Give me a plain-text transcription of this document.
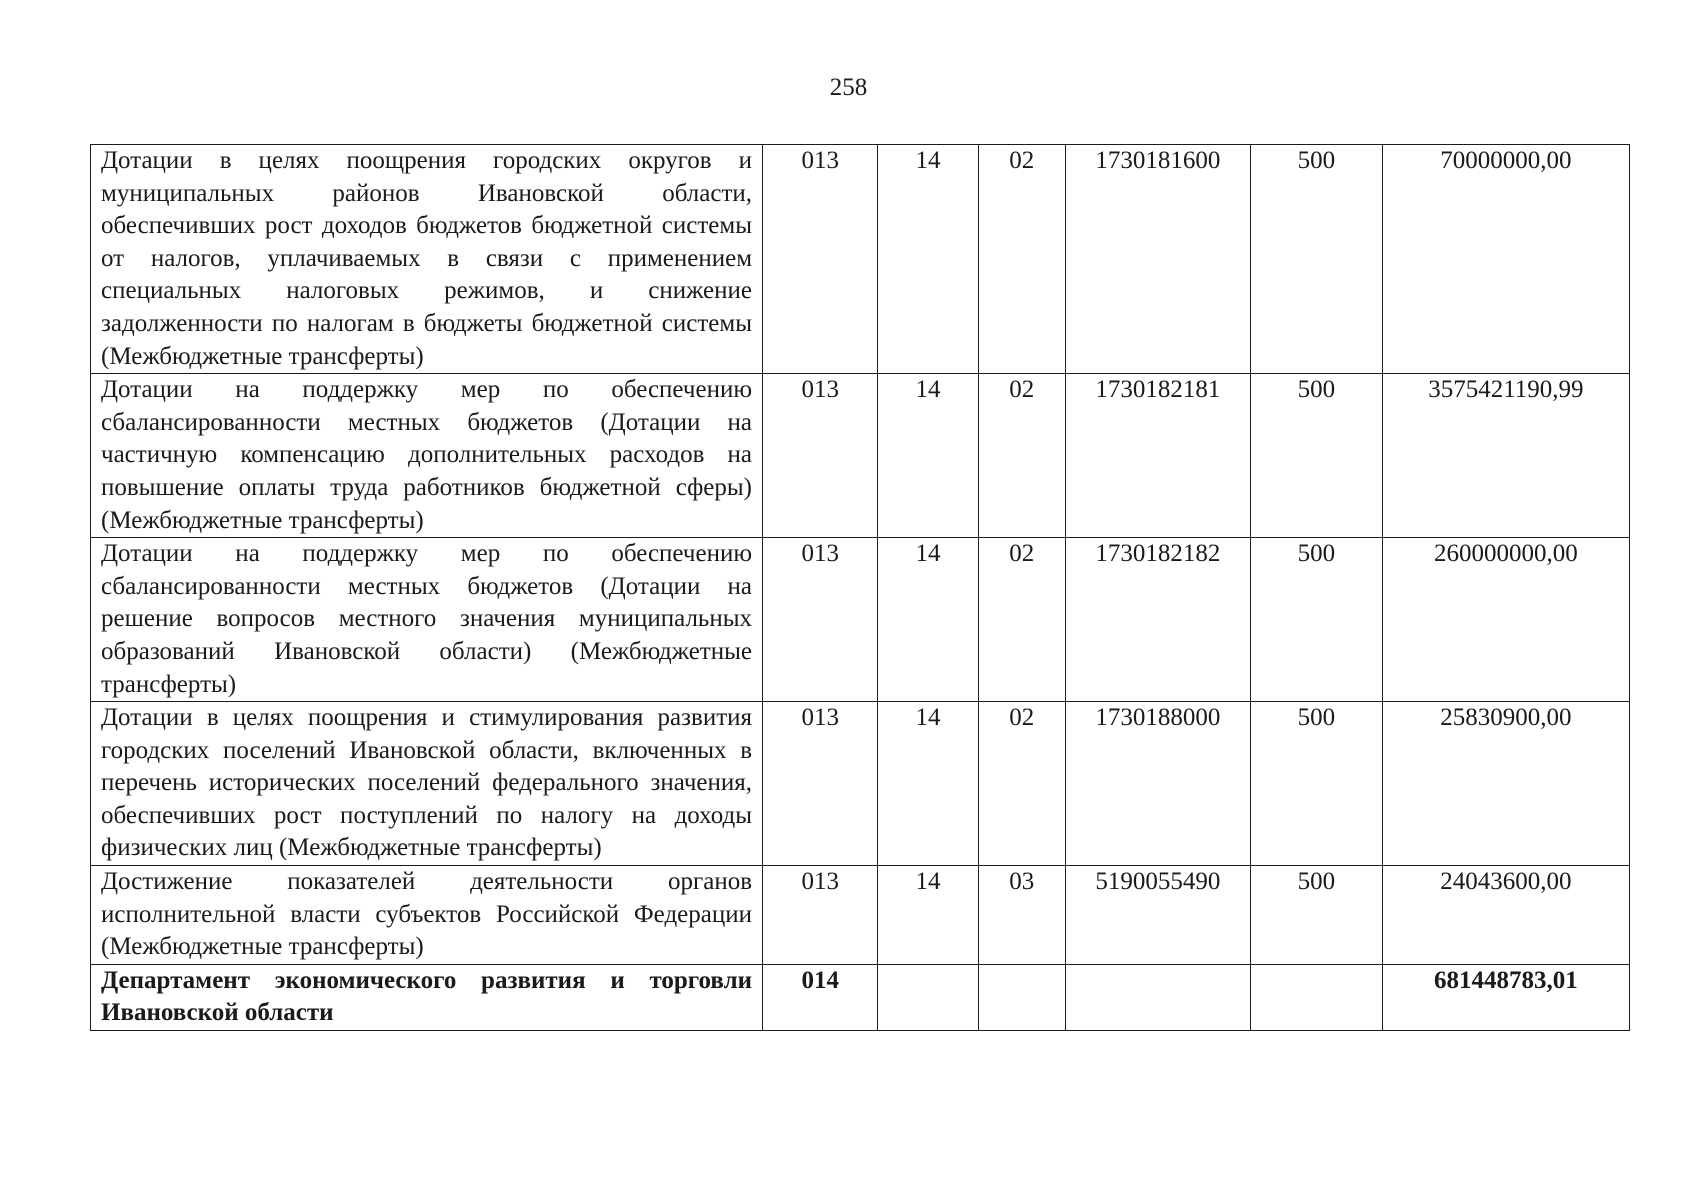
258
Дотации в целях поощрения городских округов и муниципальных районов Ивановской области, обеспечивших рост доходов бюджетов бюджетной системы от налогов, уплачиваемых в связи с применением специальных налоговых режимов, и снижение задолженности по налогам в бюджеты бюджетной системы (Межбюджетные трансферты)	013	14	02	1730181600	500	70000000,00
Дотации на поддержку мер по обеспечению сбалансированности местных бюджетов (Дотации на частичную компенсацию дополнительных расходов на повышение оплаты труда работников бюджетной сферы) (Межбюджетные трансферты)	013	14	02	1730182181	500	3575421190,99
Дотации на поддержку мер по обеспечению сбалансированности местных бюджетов (Дотации на решение вопросов местного значения муниципальных образований Ивановской области) (Межбюджетные трансферты)	013	14	02	1730182182	500	260000000,00
Дотации в целях поощрения и стимулирования развития городских поселений Ивановской области, включенных в перечень исторических поселений федерального значения, обеспечивших рост поступлений по налогу на доходы физических лиц (Межбюджетные трансферты)	013	14	02	1730188000	500	25830900,00
Достижение показателей деятельности органов исполнительной власти субъектов Российской Федерации (Межбюджетные трансферты)	013	14	03	5190055490	500	24043600,00
Департамент экономического развития и торговли Ивановской области	014					681448783,01
